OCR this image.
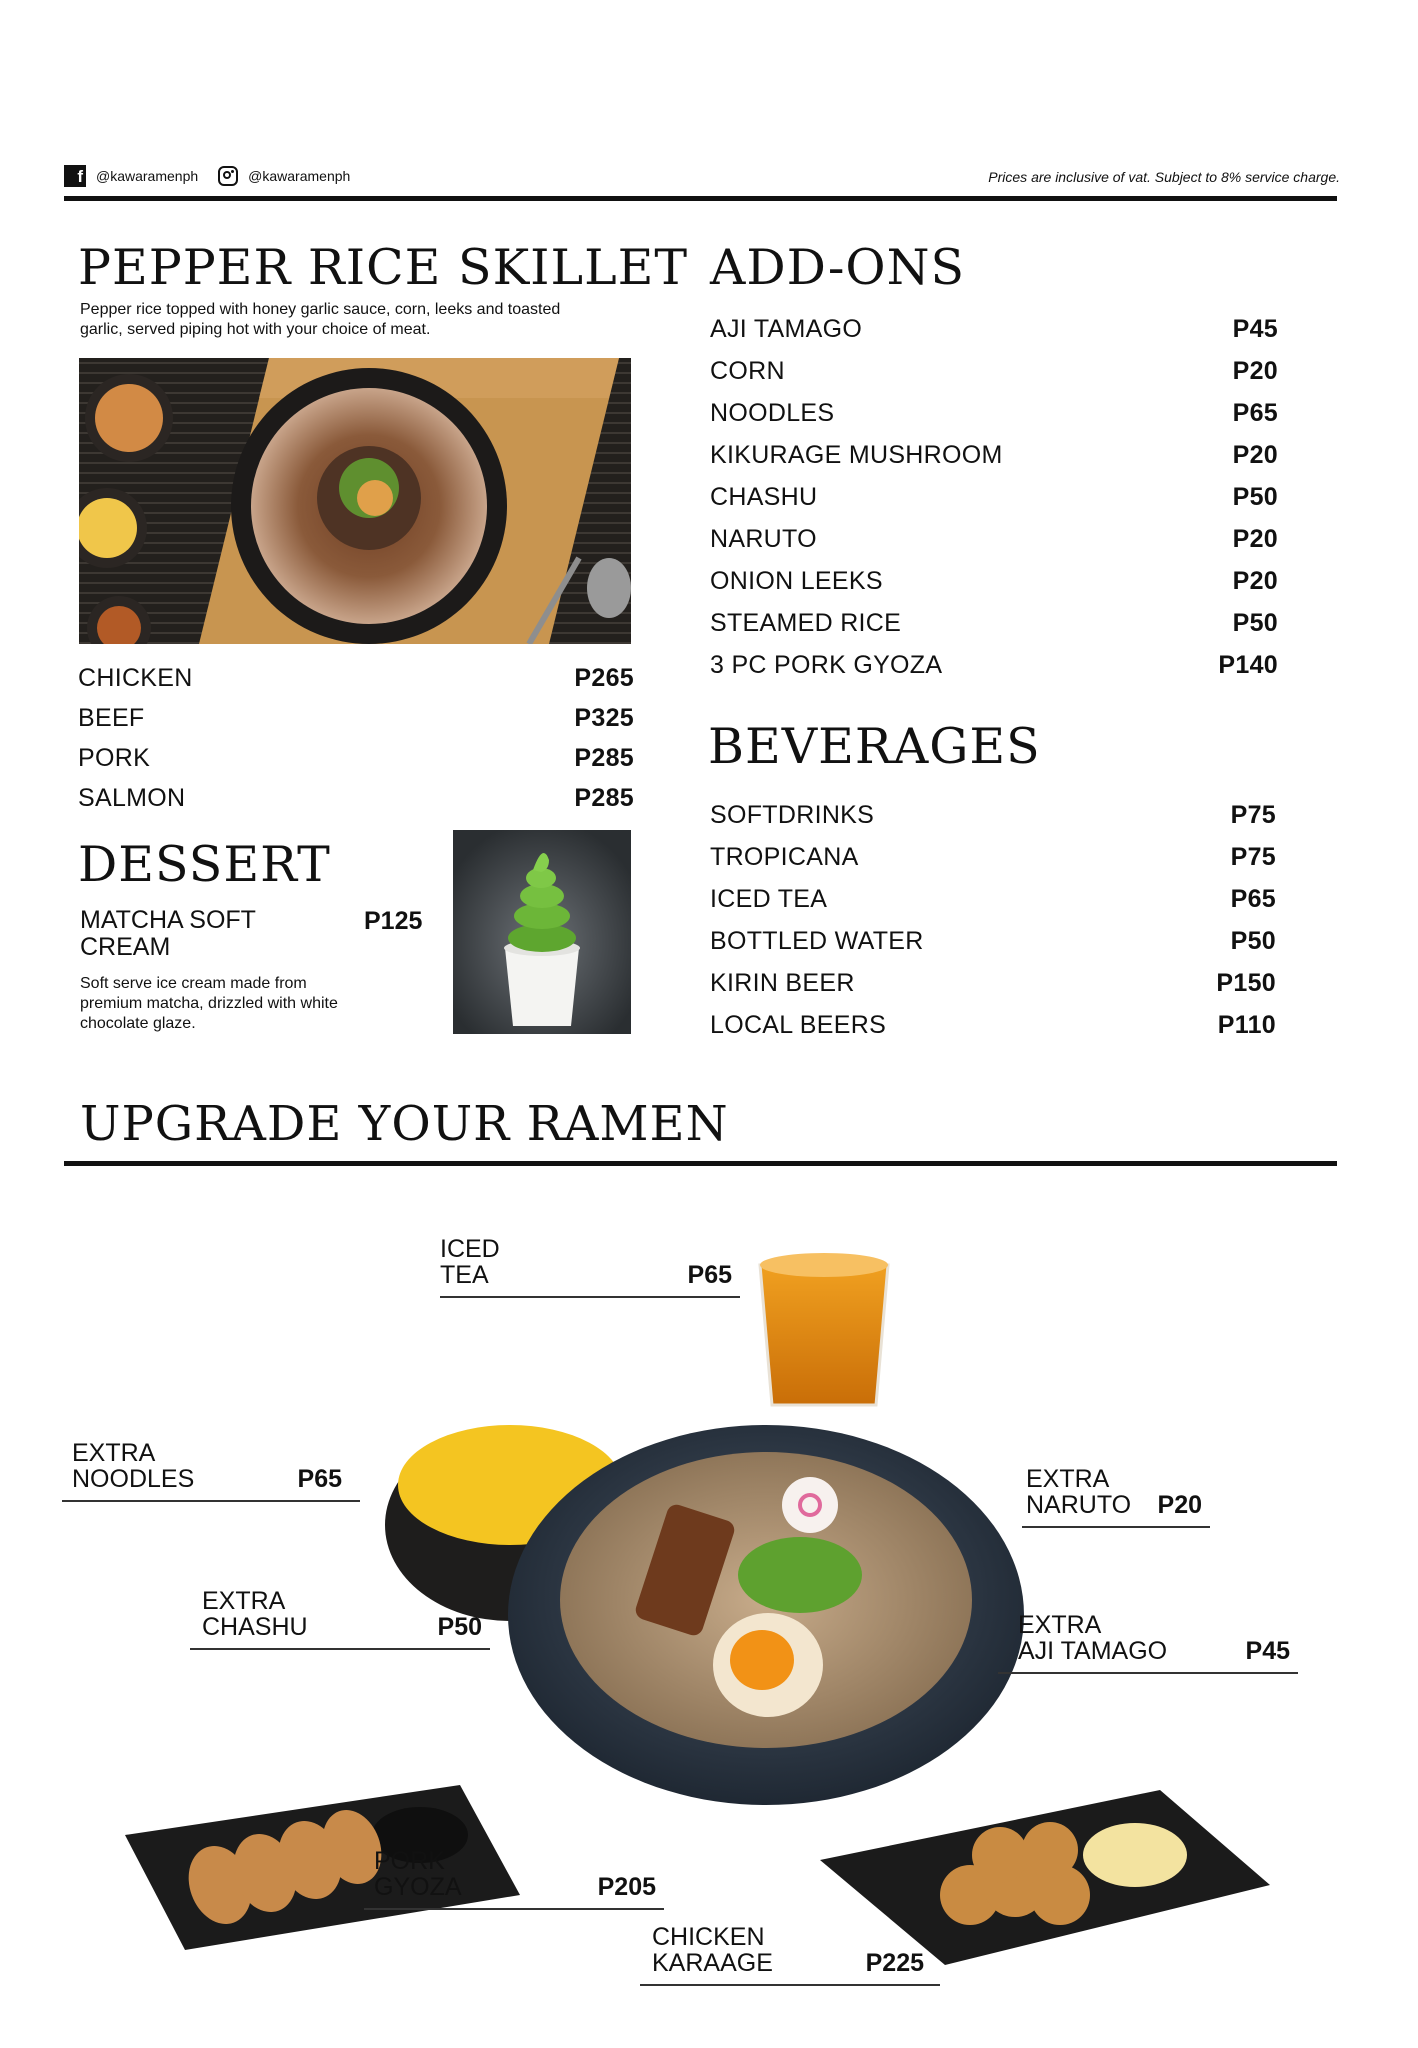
f @kawaramenph	@kawaramenph	Prices are inclusive of vat. Subject to 8% service charge.
PEPPER RICE SKILLET
Pepper rice topped with honey garlic sauce, corn, leeks and toasted garlic, served piping hot with your choice of meat.
CHICKEN	P265
BEEF	P325
PORK	P285
SALMON	P285
DESSERT
MATCHA SOFT CREAM
P125
Soft serve ice cream made from premium matcha, drizzled with white chocolate glaze.
ADD-ONS
AJI TAMAGO	P45
CORN	P20
NOODLES	P65
KIKURAGE MUSHROOM	P20
CHASHU	P50
NARUTO	P20
ONION LEEKS	P20
STEAMED RICE	P50
3 PC PORK GYOZA	P140
BEVERAGES
SOFTDRINKS	P75
TROPICANA	P75
ICED TEA	P65
BOTTLED WATER	P50
KIRIN BEER	P150
LOCAL BEERS	P110
UPGRADE YOUR RAMEN
ICED
TEA	P65
EXTRA
NOODLES	P65	EXTRA
NARUTO	P20
EXTRA
CHASHU	P50	EXTRA
AJI TAMAGO	P45
PORK
GYOZA	P205
CHICKEN
KARAAGE	P225
